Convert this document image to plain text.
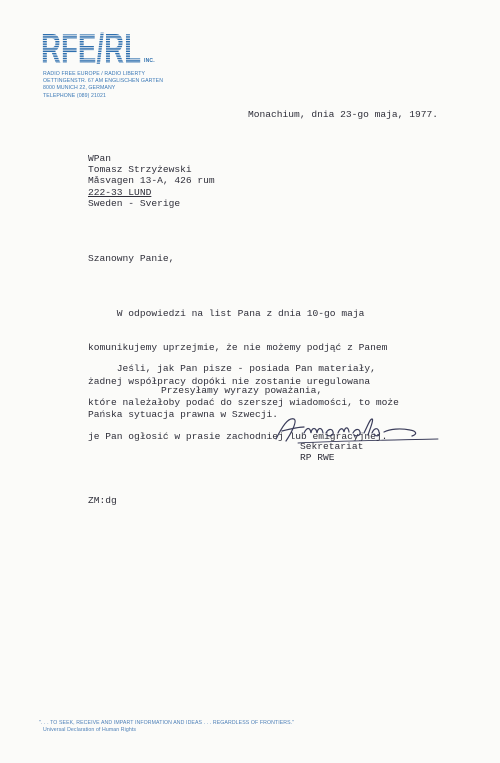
INC.
RADIO FREE EUROPE / RADIO LIBERTY
OETTINGENSTR. 67 AM ENGLISCHEN GARTEN
8000 MUNICH 22, GERMANY
TELEPHONE (089) 21021
Monachium, dnia 23-go maja, 1977.
WPan
Tomasz Strzyżewski
Måsvagen 13-A, 426 rum
222-33 LUND
Sweden - Sverige
Szanowny Panie,

W odpowiedzi na list Pana z dnia 10-go maja

komunikujemy uprzejmie, że nie możemy podjąć z Panem

żadnej współpracy dopóki nie zostanie uregulowana

Pańska sytuacja prawna w Szwecji.

Jeśli, jak Pan pisze - posiada Pan materiały,

które należałoby podać do szerszej wiadomości, to może

je Pan ogłosić w prasie zachodniej lub emigracyjnej.

Przesyłamy wyrazy poważania,
Sekretariat
RP RWE
ZM:dg
". . . TO SEEK, RECEIVE AND IMPART INFORMATION AND IDEAS . . . REGARDLESS OF FRONTIERS."
Universal Declaration of Human Rights
